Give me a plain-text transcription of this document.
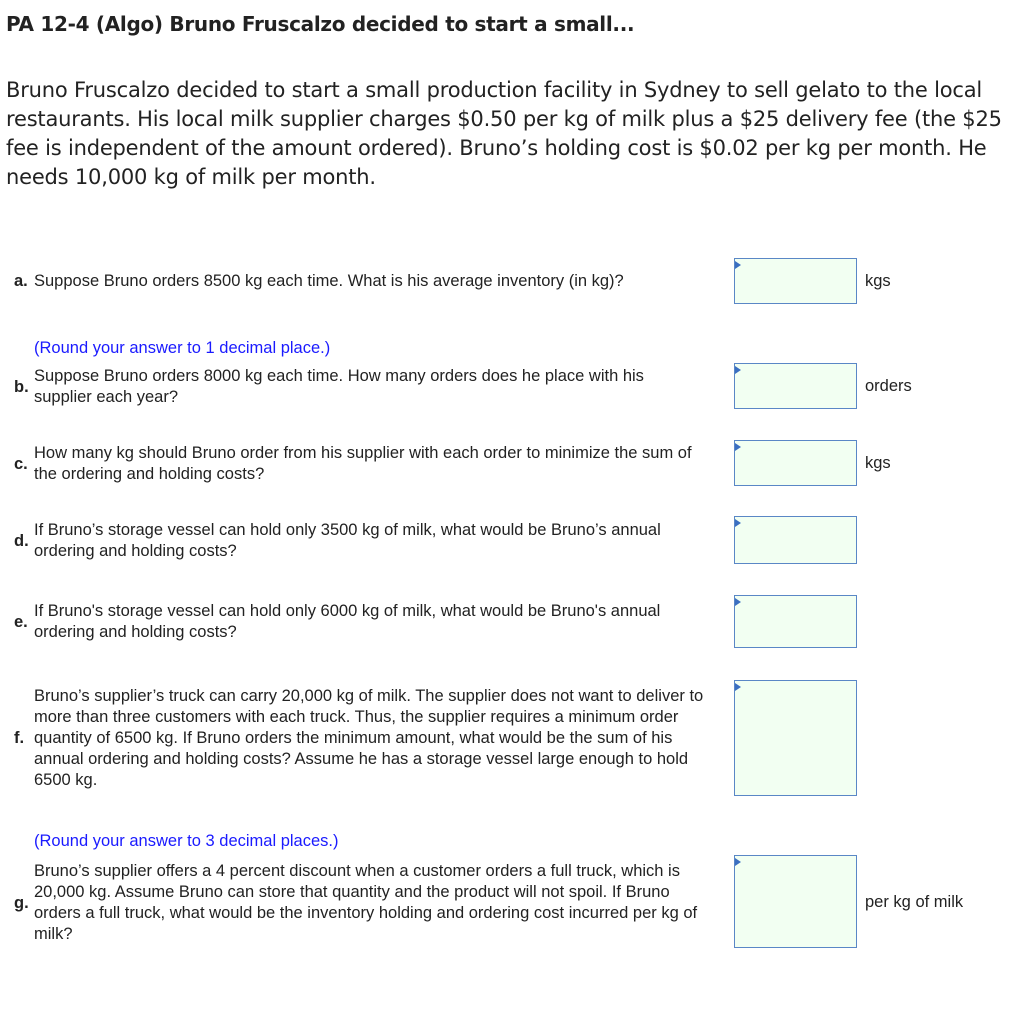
PA 12-4 (Algo) Bruno Fruscalzo decided to start a small...
Bruno Fruscalzo decided to start a small production facility in Sydney to sell gelato to the local restaurants. His local milk supplier charges $0.50 per kg of milk plus a $25 delivery fee (the $25 fee is independent of the amount ordered). Bruno’s holding cost is $0.02 per kg per month. He needs 10,000 kg of milk per month.
a. Suppose Bruno orders 8500 kg each time. What is his average inventory (in kg)?	kgs
(Round your answer to 1 decimal place.)
b.
Suppose Bruno orders 8000 kg each time. How many orders does he place with his supplier each year?
orders
c.
How many kg should Bruno order from his supplier with each order to minimize the sum of the ordering and holding costs?
kgs
d.
If Bruno’s storage vessel can hold only 3500 kg of milk, what would be Bruno’s annual ordering and holding costs?
e.
If Bruno's storage vessel can hold only 6000 kg of milk, what would be Bruno's annual ordering and holding costs?
f.
Bruno’s supplier’s truck can carry 20,000 kg of milk. The supplier does not want to deliver to more than three customers with each truck. Thus, the supplier requires a minimum order quantity of 6500 kg. If Bruno orders the minimum amount, what would be the sum of his annual ordering and holding costs? Assume he has a storage vessel large enough to hold 6500 kg.
(Round your answer to 3 decimal places.)
g.
Bruno’s supplier offers a 4 percent discount when a customer orders a full truck, which is 20,000 kg. Assume Bruno can store that quantity and the product will not spoil. If Bruno orders a full truck, what would be the inventory holding and ordering cost incurred per kg of milk?
per kg of milk
